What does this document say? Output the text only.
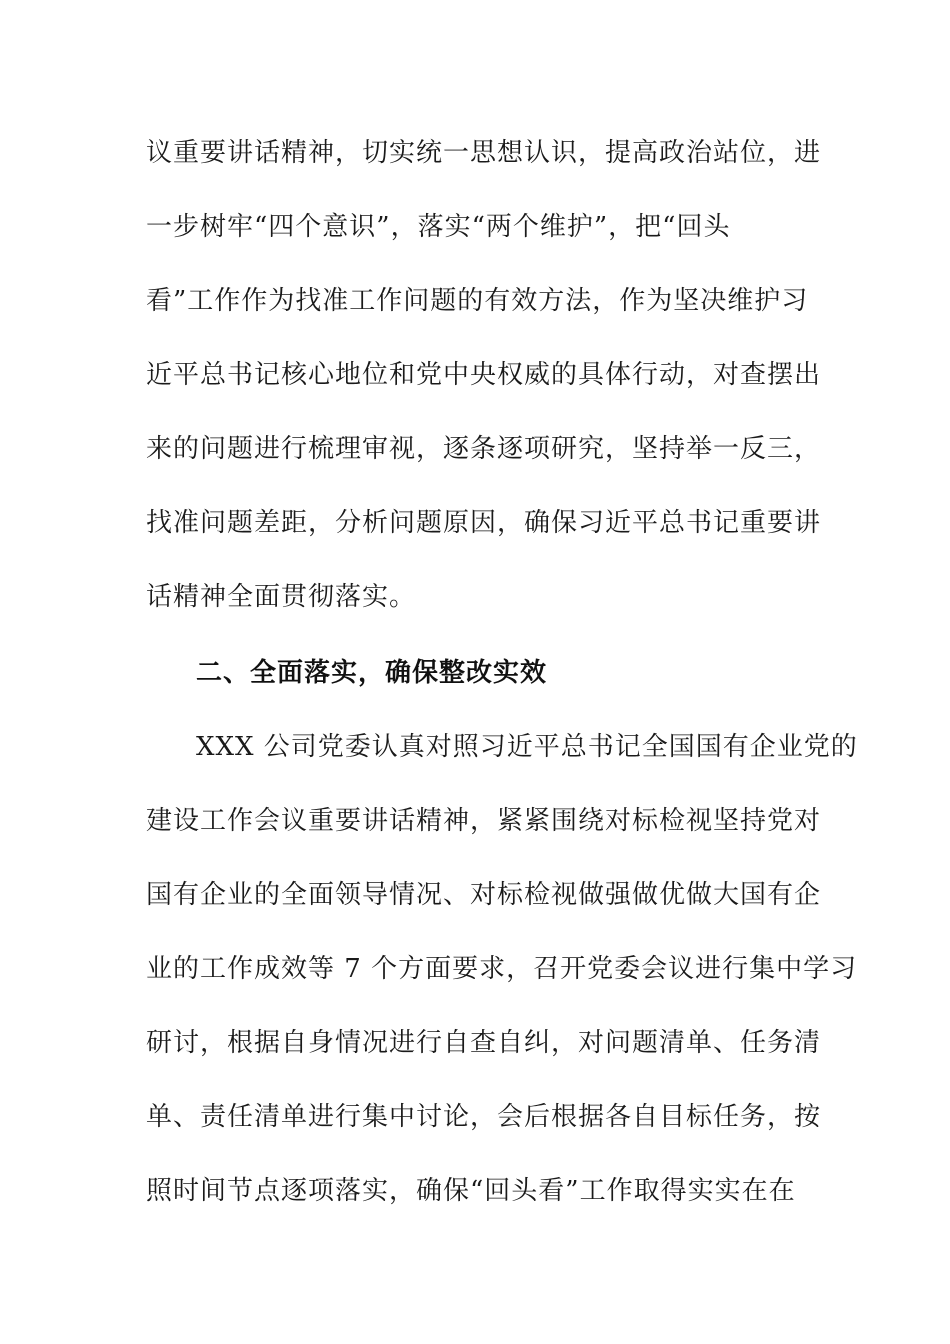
议重要讲话精神，切实统一思想认识，提高政治站位，进
一步树牢“四个意识”，落实“两个维护”，把“回头
看”工作作为找准工作问题的有效方法，作为坚决维护习
近平总书记核心地位和党中央权威的具体行动，对查摆出
来的问题进行梳理审视，逐条逐项研究，坚持举一反三，
找准问题差距，分析问题原因，确保习近平总书记重要讲
话精神全面贯彻落实。
二、全面落实，确保整改实效
XXX 公司党委认真对照习近平总书记全国国有企业党的
建设工作会议重要讲话精神，紧紧围绕对标检视坚持党对
国有企业的全面领导情况、对标检视做强做优做大国有企
业的工作成效等 7 个方面要求，召开党委会议进行集中学习
研讨，根据自身情况进行自查自纠，对问题清单、任务清
单、责任清单进行集中讨论，会后根据各自目标任务，按
照时间节点逐项落实，确保“回头看”工作取得实实在在
